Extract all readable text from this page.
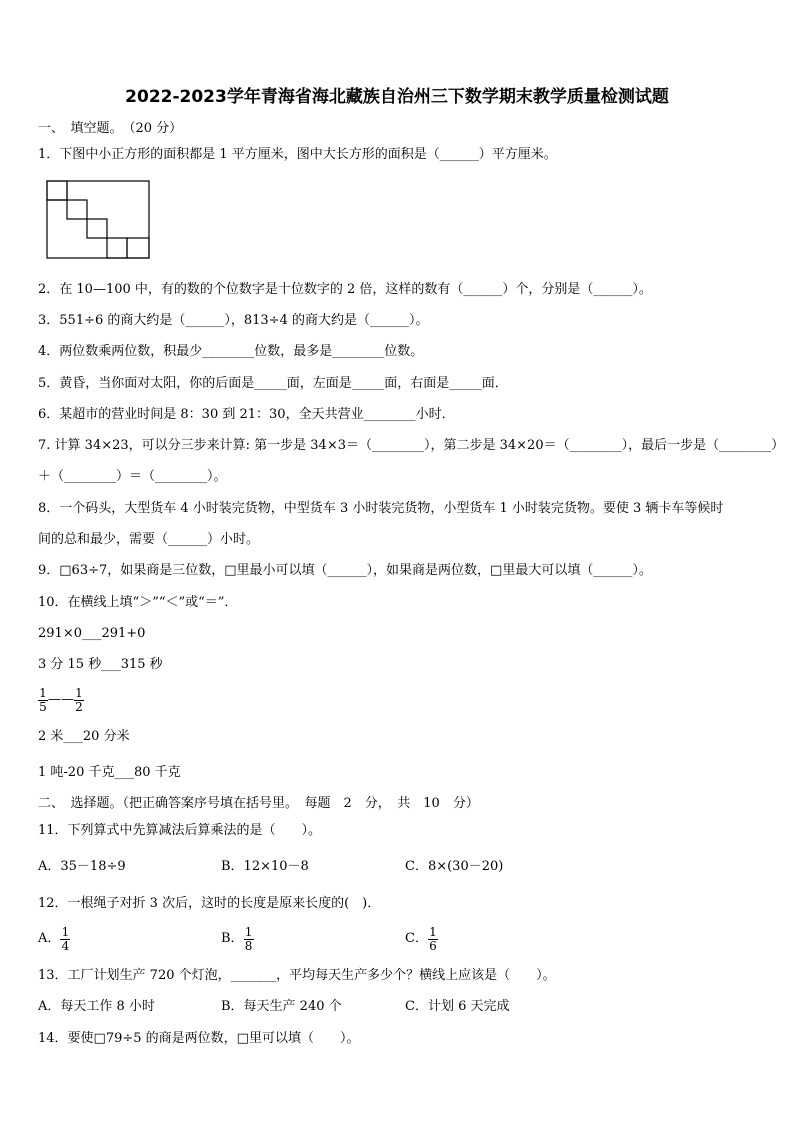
2022-2023学年青海省海北藏族自治州三下数学期末教学质量检测试题
一、　填空题。　（20 分）
1．下图中小正方形的面积都是 1 平方厘米，图中大长方形的面积是（______）平方厘米。
2．在 10—100 中，有的数的个位数字是十位数字的 2 倍，这样的数有（______）个，分别是（______）。
3．551÷6 的商大约是（______），813÷4 的商大约是（______）。
4．两位数乘两位数，积最少________位数，最多是________位数。
5．黄昏，当你面对太阳，你的后面是_____面，左面是_____面，右面是_____面．
6．某超市的营业时间是 8：30 到 21：30，全天共营业________小时．
7. 计算 34×23，可以分三步来计算: 第一步是 34×3＝（________），第二步是 34×20＝（________），最后一步是（________）
＋（________）＝（________）。
8．一个码头，大型货车 4 小时装完货物，中型货车 3 小时装完货物，小型货车 1 小时装完货物。要使 3 辆卡车等候时
间的总和最少，需要（______）小时。
9．□63÷7，如果商是三位数，□里最小可以填（______），如果商是两位数，□里最大可以填（______）。
10．在横线上填“＞”“＜”或“＝”．
291×0___291+0
3 分 15 秒___315 秒
$\frac{1}{5}$ —— $\frac{1}{2}$
2 米___20 分米
1 吨-20 千克___80 千克
二、　选择题。（把正确答案序号填在括号里。　每题　2　分，　共　10　分）
11．下列算式中先算减法后算乘法的是（　　）。
A．35－18÷9	B．12×10－8	C．8×(30－20)
12．一根绳子对折 3 次后，这时的长度是原来长度的(　)．
A． $\frac{1}{4}$	B． $\frac{1}{8}$	C． $\frac{1}{6}$
13．工厂计划生产 720 个灯泡，_______，平均每天生产多少个？横线上应该是（　　）。
A．每天工作 8 小时	B．每天生产 240 个	C．计划 6 天完成
14．要使□79÷5 的商是两位数，□里可以填（　　）。
